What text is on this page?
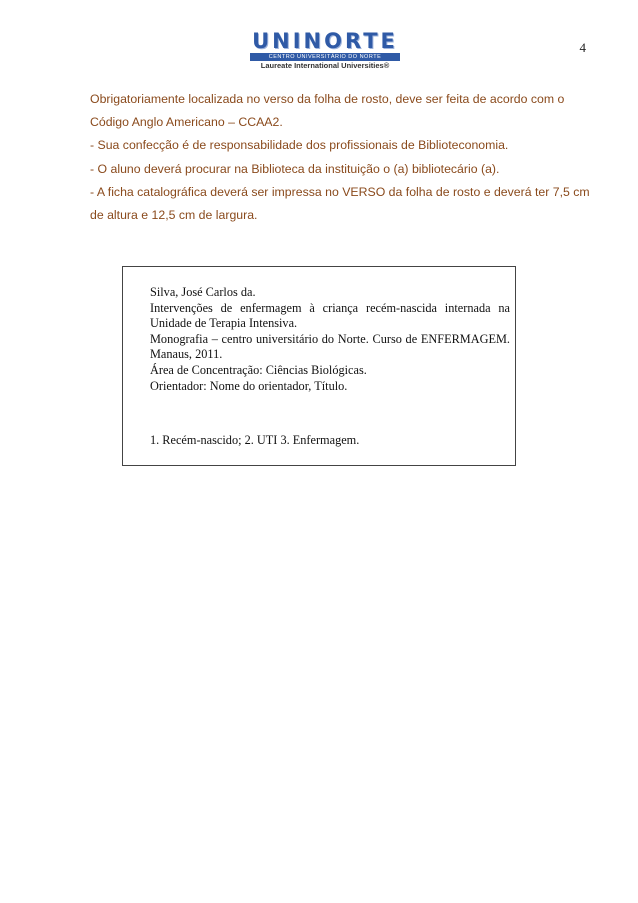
4
UNINORTE
CENTRO UNIVERSITÁRIO DO NORTE
Laureate International Universities®

Obrigatoriamente localizada no verso da folha de rosto, deve ser feita de acordo com o Código Anglo Americano – CCAA2.

- Sua confecção é de responsabilidade dos profissionais de Biblioteconomia.

- O aluno deverá procurar na Biblioteca da instituição o (a) bibliotecário (a).

- A ficha catalográfica deverá ser impressa no VERSO da folha de rosto e deverá ter 7,5 cm de altura e 12,5 cm de largura.

Silva, José Carlos da.

Intervenções de enfermagem à criança recém-nascida internada na Unidade de Terapia Intensiva.

Monografia – centro universitário do Norte. Curso de ENFERMAGEM. Manaus, 2011.

Área de Concentração: Ciências Biológicas.

Orientador: Nome do orientador, Título.

1. Recém-nascido; 2. UTI 3. Enfermagem.
